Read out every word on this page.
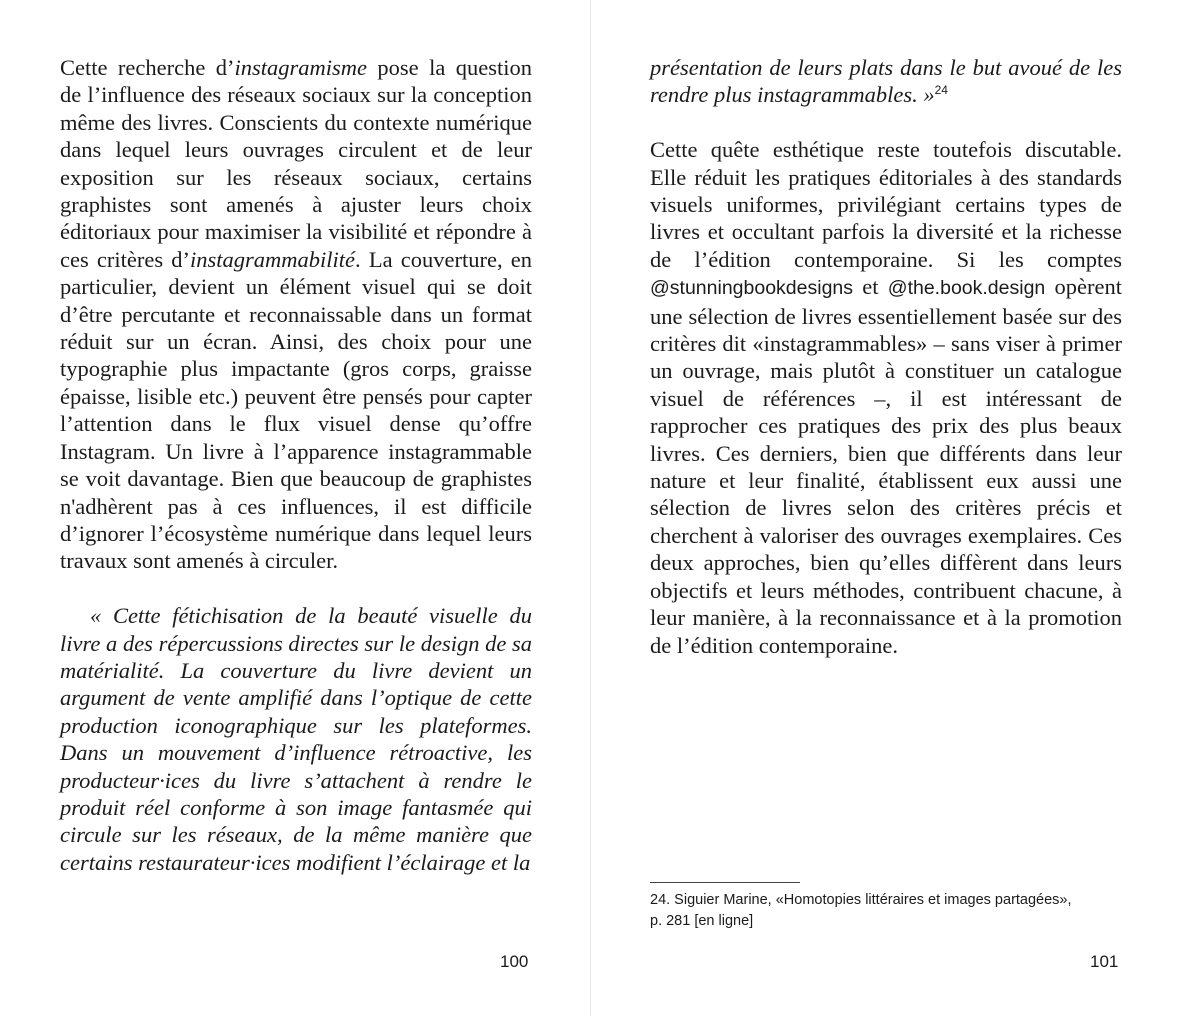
Cette recherche d’instagramisme pose la question de l’influence des réseaux sociaux sur la conception même des livres. Conscients du contexte numérique dans lequel leurs ouvrages circulent et de leur exposition sur les réseaux sociaux, certains graphistes sont amenés à ajuster leurs choix éditoriaux pour maximiser la visibilité et répondre à ces critères d’instagrammabilité. La couverture, en particulier, devient un élément visuel qui se doit d’être percutante et reconnaissable dans un format réduit sur un écran. Ainsi, des choix pour une typographie plus impactante (gros corps, graisse épaisse, lisible etc.) peuvent être pensés pour capter l’attention dans le flux visuel dense qu’offre Instagram. Un livre à l’apparence instagrammable se voit davantage. Bien que beaucoup de graphistes n'adhèrent pas à ces influences, il est difficile d’ignorer l’écosystème numérique dans lequel leurs travaux sont amenés à circuler.

« Cette fétichisation de la beauté visuelle du livre a des répercussions directes sur le design de sa matérialité. La couverture du livre devient un argument de vente amplifié dans l’optique de cette production iconographique sur les plateformes. Dans un mouvement d’influence rétroactive, les producteur·ices du livre s’attachent à rendre le produit réel conforme à son image fantasmée qui circule sur les réseaux, de la même manière que certains restaurateur·ices modifient l’éclairage et la

100

présentation de leurs plats dans le but avoué de les rendre plus instagrammables. »$^{24}$

Cette quête esthétique reste toutefois discutable. Elle réduit les pratiques éditoriales à des standards visuels uniformes, privilégiant certains types de livres et occultant parfois la diversité et la richesse de l’édition contemporaine. Si les comptes @stunningbookdesigns et @the.book.design opèrent une sélection de livres essentiellement basée sur des critères dit «instagrammables» – sans viser à primer un ouvrage, mais plutôt à constituer un catalogue visuel de références –, il est intéressant de rapprocher ces pratiques des prix des plus beaux livres. Ces derniers, bien que différents dans leur nature et leur finalité, établissent eux aussi une sélection de livres selon des critères précis et cherchent à valoriser des ouvrages exemplaires. Ces deux approches, bien qu’elles diffèrent dans leurs objectifs et leurs méthodes, contribuent chacune, à leur manière, à la reconnaissance et à la promotion de l’édition contemporaine.

24. Siguier Marine, «Homotopies littéraires et images partagées»,
p. 281 [en ligne]
101
